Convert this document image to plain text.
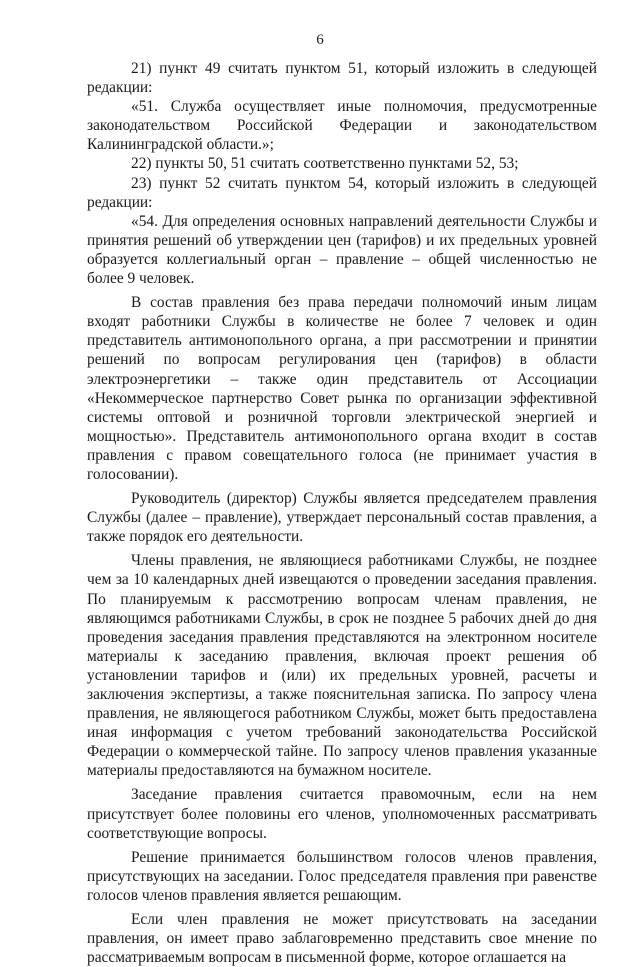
6

21) пункт 49 считать пунктом 51, который изложить в следующей редакции:

«51. Служба осуществляет иные полномочия, предусмотренные законодательством Российской Федерации и законодательством Калининградской области.»;

22) пункты 50, 51 считать соответственно пунктами 52, 53;

23) пункт 52 считать пунктом 54, который изложить в следующей редакции:

«54. Для определения основных направлений деятельности Службы и принятия решений об утверждении цен (тарифов) и их предельных уровней образуется коллегиальный орган – правление – общей численностью не более 9 человек.

В состав правления без права передачи полномочий иным лицам входят работники Службы в количестве не более 7 человек и один представитель антимонопольного органа, а при рассмотрении и принятии решений по вопросам регулирования цен (тарифов) в области электроэнергетики – также один представитель от Ассоциации «Некоммерческое партнерство Совет рынка по организации эффективной системы оптовой и розничной торговли электрической энергией и мощностью». Представитель антимонопольного органа входит в состав правления с правом совещательного голоса (не принимает участия в голосовании).

Руководитель (директор) Службы является председателем правления Службы (далее – правление), утверждает персональный состав правления, а также порядок его деятельности.

Члены правления, не являющиеся работниками Службы, не позднее чем за 10 календарных дней извещаются о проведении заседания правления. По планируемым к рассмотрению вопросам членам правления, не являющимся работниками Службы, в срок не позднее 5 рабочих дней до дня проведения заседания правления представляются на электронном носителе материалы к заседанию правления, включая проект решения об установлении тарифов и (или) их предельных уровней, расчеты и заключения экспертизы, а также пояснительная записка. По запросу члена правления, не являющегося работником Службы, может быть предоставлена иная информация с учетом требований законодательства Российской Федерации о коммерческой тайне. По запросу членов правления указанные материалы предоставляются на бумажном носителе.

Заседание правления считается правомочным, если на нем присутствует более половины его членов, уполномоченных рассматривать соответствующие вопросы.

Решение принимается большинством голосов членов правления, присутствующих на заседании. Голос председателя правления при равенстве голосов членов правления является решающим.

Если член правления не может присутствовать на заседании правления, он имеет право заблаговременно представить свое мнение по рассматриваемым вопросам в письменной форме, которое оглашается на
